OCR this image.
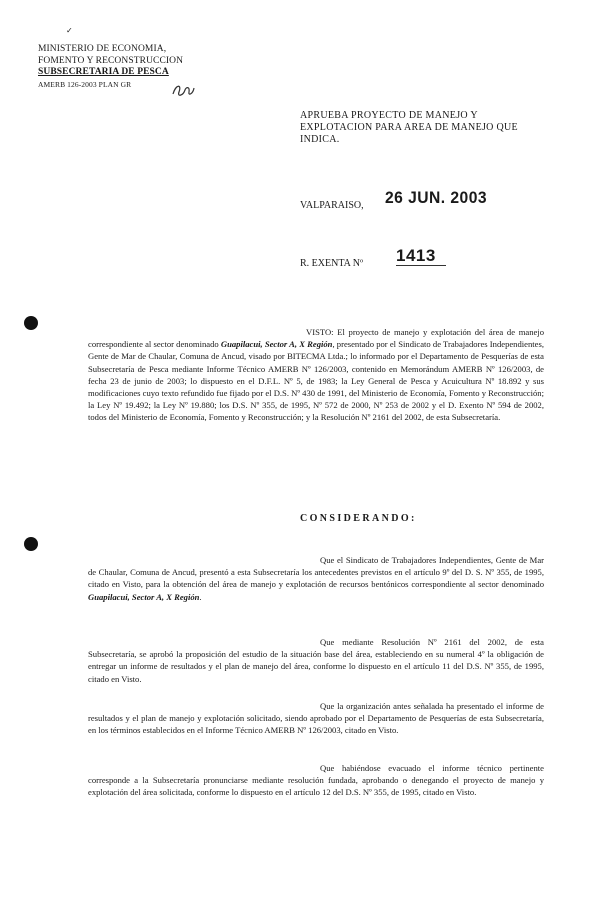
✓
MINISTERIO DE ECONOMIA,
FOMENTO Y RECONSTRUCCION
SUBSECRETARIA DE PESCA
AMERB 126-2003 PLAN GR
APRUEBA PROYECTO DE MANEJO Y EXPLOTACION PARA AREA DE MANEJO QUE INDICA.
VALPARAISO, 26 JUN. 2003
R. EXENTA Nº 1413
VISTO: El proyecto de manejo y explotación del área de manejo correspondiente al sector denominado Guapilacui, Sector A, X Región, presentado por el Sindicato de Trabajadores Independientes, Gente de Mar de Chaular, Comuna de Ancud, visado por BITECMA Ltda.; lo informado por el Departamento de Pesquerías de esta Subsecretaría de Pesca mediante Informe Técnico AMERB Nº 126/2003, contenido en Memorándum AMERB Nº 126/2003, de fecha 23 de junio de 2003; lo dispuesto en el D.F.L. Nº 5, de 1983; la Ley General de Pesca y Acuicultura Nº 18.892 y sus modificaciones cuyo texto refundido fue fijado por el D.S. Nº 430 de 1991, del Ministerio de Economía, Fomento y Reconstrucción; la Ley Nº 19.492; la Ley Nº 19.880; los D.S. Nº 355, de 1995, Nº 572 de 2000, Nº 253 de 2002 y el D. Exento Nº 594 de 2002, todos del Ministerio de Economía, Fomento y Reconstrucción; y la Resolución Nº 2161 del 2002, de esta Subsecretaría.
CONSIDERANDO:
Que el Sindicato de Trabajadores Independientes, Gente de Mar de Chaular, Comuna de Ancud, presentó a esta Subsecretaría los antecedentes previstos en el artículo 9º del D. S. Nº 355, de 1995, citado en Visto, para la obtención del área de manejo y explotación de recursos bentónicos correspondiente al sector denominado Guapilacui, Sector A, X Región.
Que mediante Resolución Nº 2161 del 2002, de esta Subsecretaría, se aprobó la proposición del estudio de la situación base del área, estableciendo en su numeral 4º la obligación de entregar un informe de resultados y el plan de manejo del área, conforme lo dispuesto en el artículo 11 del D.S. Nº 355, de 1995, citado en Visto.
Que la organización antes señalada ha presentado el informe de resultados y el plan de manejo y explotación solicitado, siendo aprobado por el Departamento de Pesquerías de esta Subsecretaría, en los términos establecidos en el Informe Técnico AMERB Nº 126/2003, citado en Visto.
Que habiéndose evacuado el informe técnico pertinente corresponde a la Subsecretaría pronunciarse mediante resolución fundada, aprobando o denegando el proyecto de manejo y explotación del área solicitada, conforme lo dispuesto en el artículo 12 del D.S. Nº 355, de 1995, citado en Visto.
